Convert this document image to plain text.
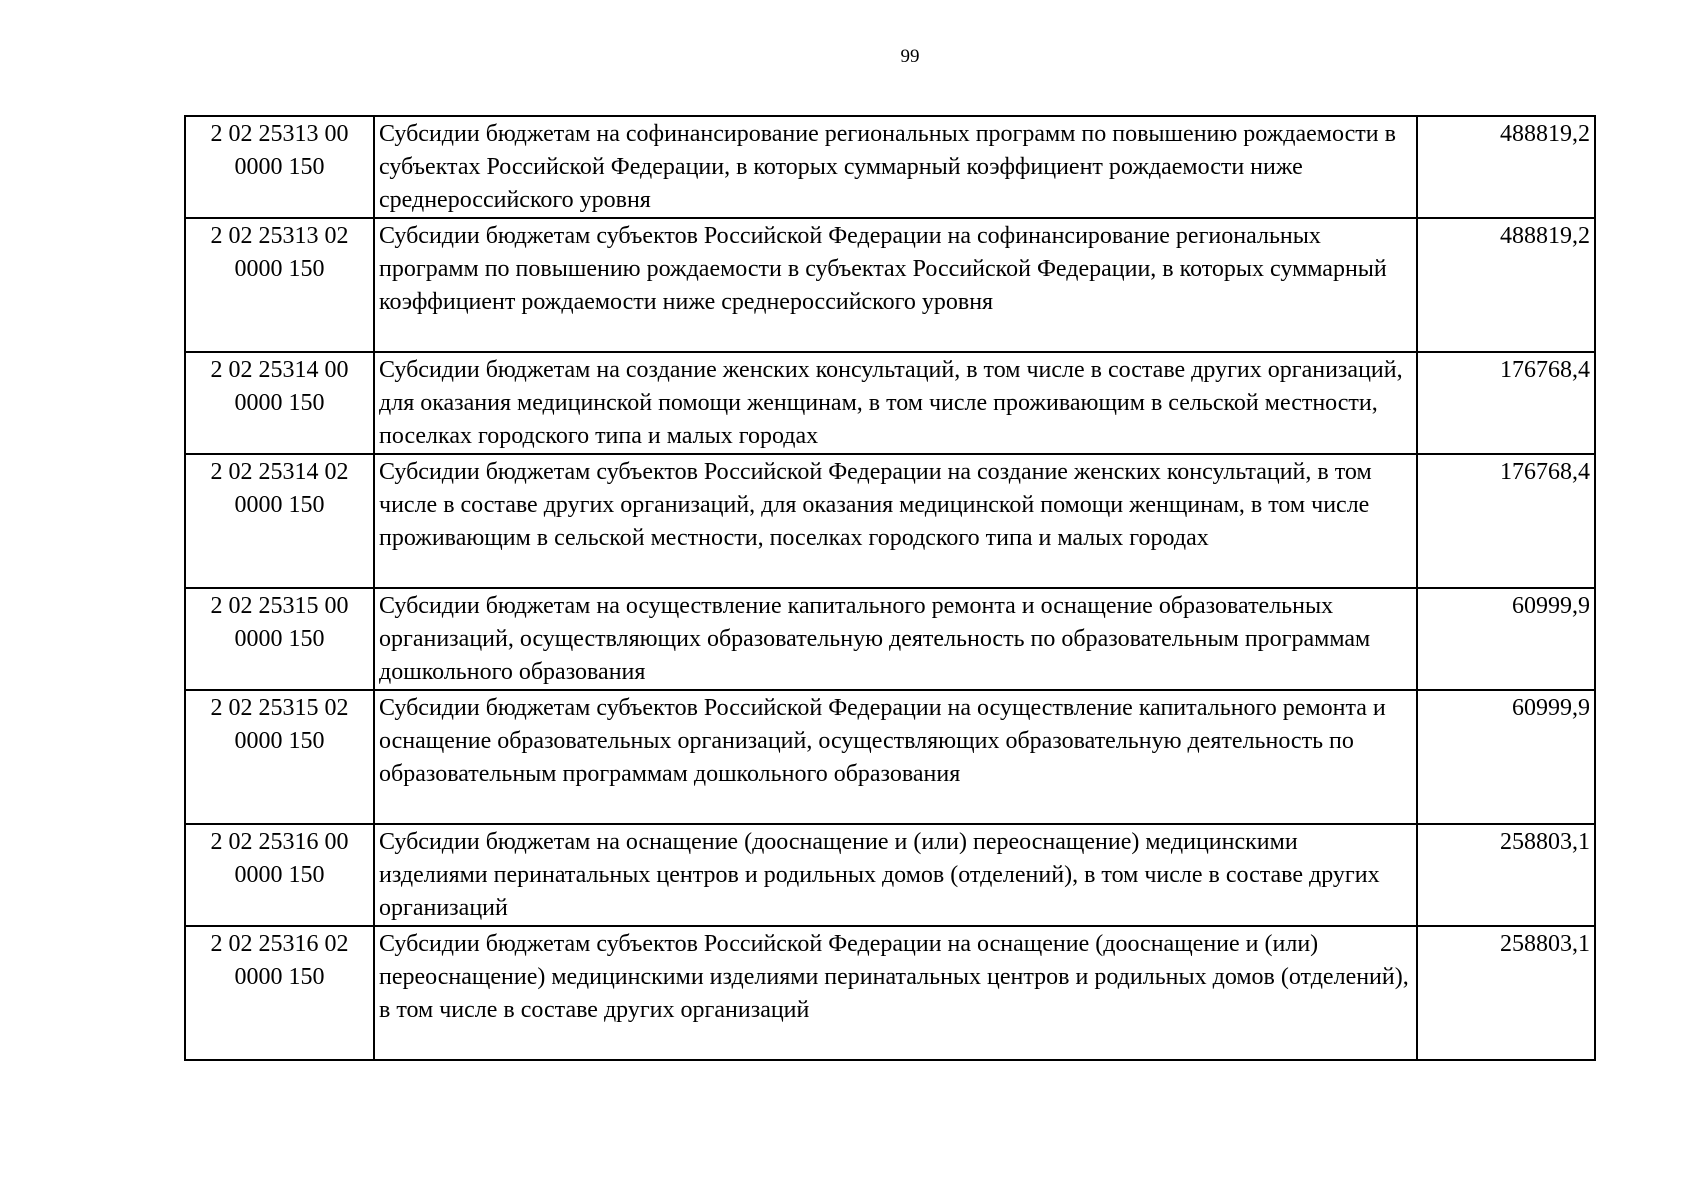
99
2 02 25313 00 0000 150	Субсидии бюджетам на софинансирование региональных программ по повышению рождаемости в субъектах Российской Федерации, в которых суммарный коэффициент рождаемости ниже среднероссийского уровня	488819,2
2 02 25313 02 0000 150	Субсидии бюджетам субъектов Российской Федерации на софинансирование региональных программ по повышению рождаемости в субъектах Российской Федерации, в которых суммарный коэффициент рождаемости ниже среднероссийского уровня	488819,2
2 02 25314 00 0000 150	Субсидии бюджетам на создание женских консультаций, в том числе в составе других организаций, для оказания медицинской помощи женщинам, в том числе проживающим в сельской местности, поселках городского типа и малых городах	176768,4
2 02 25314 02 0000 150	Субсидии бюджетам субъектов Российской Федерации на создание женских консультаций, в том числе в составе других организаций, для оказания медицинской помощи женщинам, в том числе проживающим в сельской местности, поселках городского типа и малых городах	176768,4
2 02 25315 00 0000 150	Субсидии бюджетам на осуществление капитального ремонта и оснащение образовательных организаций, осуществляющих образовательную деятельность по образовательным программам дошкольного образования	60999,9
2 02 25315 02 0000 150	Субсидии бюджетам субъектов Российской Федерации на осуществление капитального ремонта и оснащение образовательных организаций, осуществляющих образовательную деятельность по образовательным программам дошкольного образования	60999,9
2 02 25316 00 0000 150	Субсидии бюджетам на оснащение (дооснащение и (или) переоснащение) медицинскими изделиями перинатальных центров и родильных домов (отделений), в том числе в составе других организаций	258803,1
2 02 25316 02 0000 150	Субсидии бюджетам субъектов Российской Федерации на оснащение (дооснащение и (или) переоснащение) медицинскими изделиями перинатальных центров и родильных домов (отделений), в том числе в составе других организаций	258803,1
